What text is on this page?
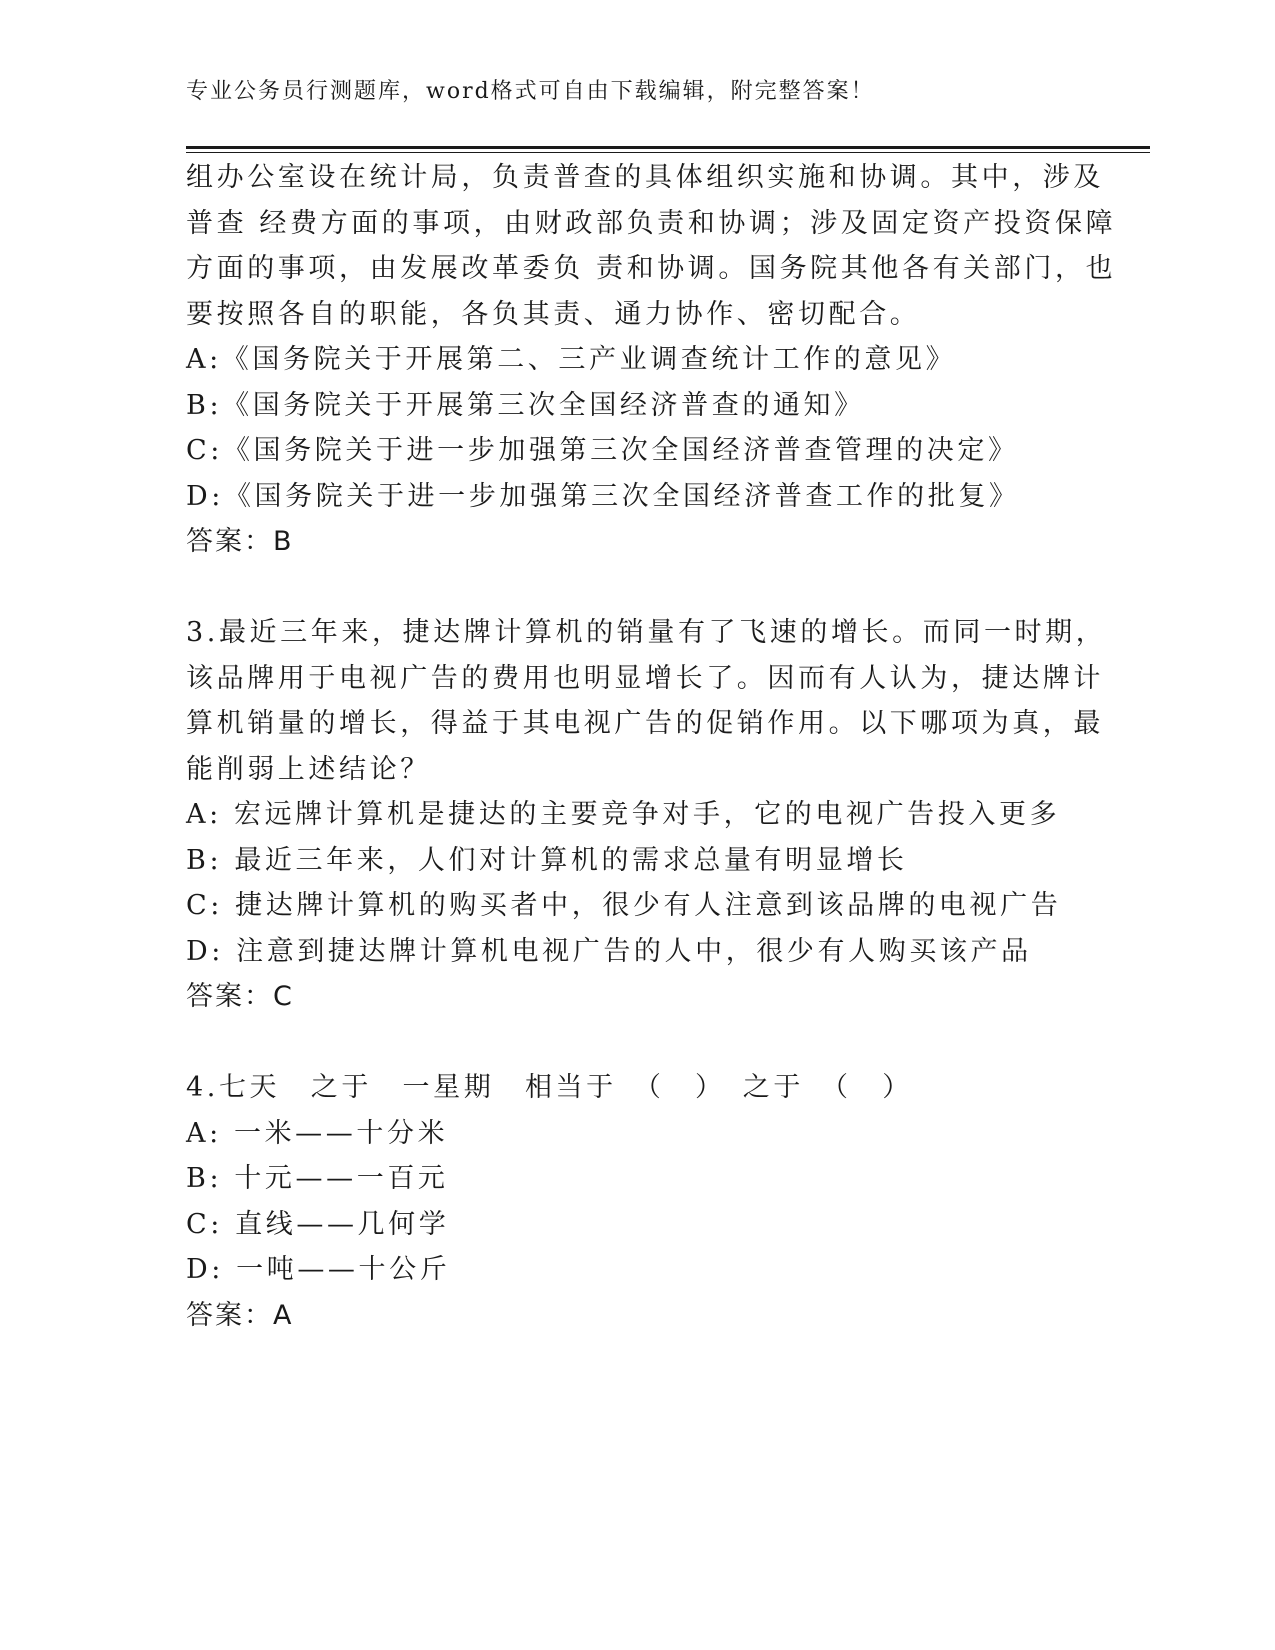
专业公务员行测题库，word格式可自由下载编辑，附完整答案！
组办公室设在统计局，负责普查的具体组织实施和协调。其中，涉及
普查 经费方面的事项，由财政部负责和协调；涉及固定资产投资保障
方面的事项，由发展改革委负 责和协调。国务院其他各有关部门，也
要按照各自的职能，各负其责、通力协作、密切配合。
A:《国务院关于开展第二、三产业调查统计工作的意见》
B:《国务院关于开展第三次全国经济普查的通知》
C:《国务院关于进一步加强第三次全国经济普查管理的决定》
D:《国务院关于进一步加强第三次全国经济普查工作的批复》
答案：B
3.最近三年来，捷达牌计算机的销量有了飞速的增长。而同一时期，
该品牌用于电视广告的费用也明显增长了。因而有人认为，捷达牌计
算机销量的增长，得益于其电视广告的促销作用。以下哪项为真，最
能削弱上述结论？
A: 宏远牌计算机是捷达的主要竞争对手，它的电视广告投入更多
B: 最近三年来，人们对计算机的需求总量有明显增长
C: 捷达牌计算机的购买者中，很少有人注意到该品牌的电视广告
D: 注意到捷达牌计算机电视广告的人中，很少有人购买该产品
答案：C
4.七天　之于　一星期　相当于　（　）　之于　（　）
A: 一米——十分米
B: 十元——一百元
C: 直线——几何学
D: 一吨——十公斤
答案：A
